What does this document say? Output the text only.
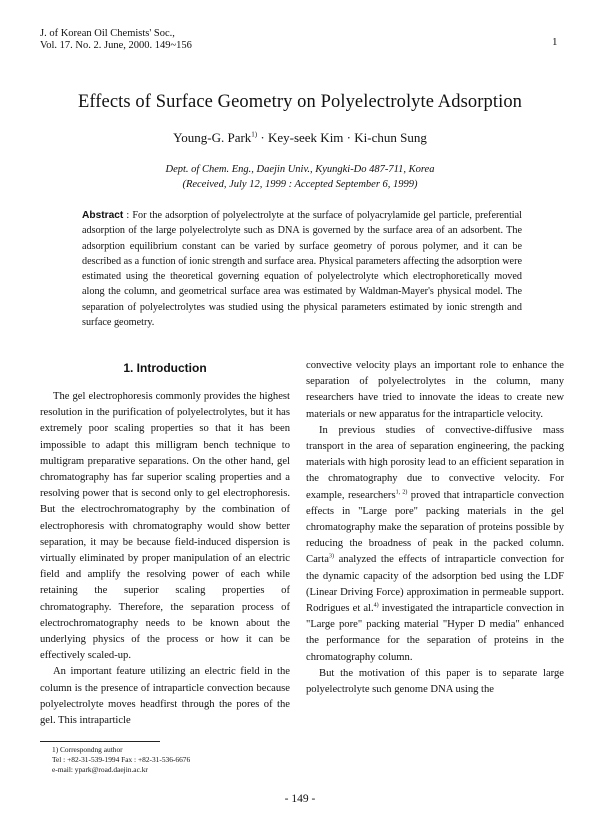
J. of Korean Oil Chemists' Soc.,
Vol. 17. No. 2. June, 2000. 149~156	1
Effects of Surface Geometry on Polyelectrolyte Adsorption
Young-G. Park$^{1)}$ · Key-seek Kim · Ki-chun Sung
Dept. of Chem. Eng., Daejin Univ., Kyungki-Do 487-711, Korea
(Received, July 12, 1999 : Accepted September 6, 1999)
Abstract : For the adsorption of polyelectrolyte at the surface of polyacrylamide gel particle, preferential adsorption of the large polyelectrolyte such as DNA is governed by the surface area of an adsorbent. The adsorption equilibrium constant can be varied by surface geometry of porous polymer, and it can be described as a function of ionic strength and surface area. Physical parameters affecting the adsorption were estimated using the theoretical governing equation of polyelectrolyte which electrophoretically moved along the column, and geometrical surface area was estimated by Waldman-Mayer's physical model. The separation of polyelectrolytes was studied using the physical parameters estimated by ionic strength and surface geometry.
1. Introduction

The gel electrophoresis commonly provides the highest resolution in the purification of polyelectrolytes, but it has extremely poor scaling properties so that it has been impossible to adapt this milligram bench technique to multigram preparative separations. On the other hand, gel chromatography has far superior scaling properties and a resolving power that is second only to gel electrophoresis. But the electrochromatography by the combination of electrophoresis with chromatography would show better separation, it may be because field-induced dispersion is virtually eliminated by proper manipulation of an electric field and amplify the resolving power of each while retaining the superior scaling properties of chromatography. Therefore, the separation process of electrochromatography needs to be known about the underlying physics of the process or how it can be effectively scaled-up.

An important feature utilizing an electric field in the column is the presence of intraparticle convection because polyelectrolyte moves headfirst through the pores of the gel. This intraparticle

convective velocity plays an important role to enhance the separation of polyelectrolytes in the column, many researchers have tried to innovate the ideas to create new materials or new apparatus for the intraparticle velocity.

In previous studies of convective-diffusive mass transport in the area of separation engineering, the packing materials with high porosity lead to an efficient separation in the chromatography due to convective velocity. For example, researchers$^{1, 2)}$ proved that intraparticle convection effects in "Large pore" packing materials in the gel chromatography make the separation of proteins possible by reducing the broadness of peak in the packed column. Carta$^{3)}$ analyzed the effects of intraparticle convection for the dynamic capacity of the adsorption bed using the LDF (Linear Driving Force) approximation in permeable support. Rodrigues et al.$^{4)}$ investigated the intraparticle convection in "Large pore" packing material "Hyper D media" enhanced the performance for the separation of proteins in the chromatography column.

But the motivation of this paper is to separate large polyelectrolyte such genome DNA using the

1) Correspondng author
Tel : +82-31-539-1994 Fax : +82-31-536-6676
e-mail: ypark@road.daejin.ac.kr
- 149 -
